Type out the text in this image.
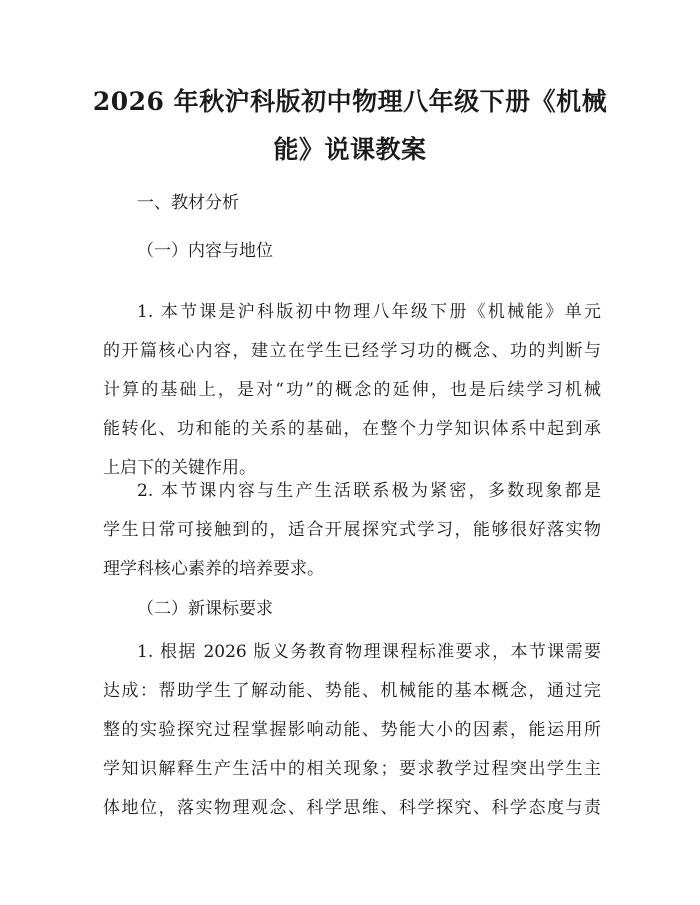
2026 年秋沪科版初中物理八年级下册《机械
能》说课教案
一、教材分析
（一）内容与地位
1. 本节课是沪科版初中物理八年级下册《机械能》单元
的开篇核心内容，建立在学生已经学习功的概念、功的判断与
计算的基础上，是对“功”的概念的延伸，也是后续学习机械
能转化、功和能的关系的基础，在整个力学知识体系中起到承
上启下的关键作用。
2. 本节课内容与生产生活联系极为紧密，多数现象都是
学生日常可接触到的，适合开展探究式学习，能够很好落实物
理学科核心素养的培养要求。
（二）新课标要求
1. 根据 2026 版义务教育物理课程标准要求，本节课需要
达成：帮助学生了解动能、势能、机械能的基本概念，通过完
整的实验探究过程掌握影响动能、势能大小的因素，能运用所
学知识解释生产生活中的相关现象；要求教学过程突出学生主
体地位，落实物理观念、科学思维、科学探究、科学态度与责
